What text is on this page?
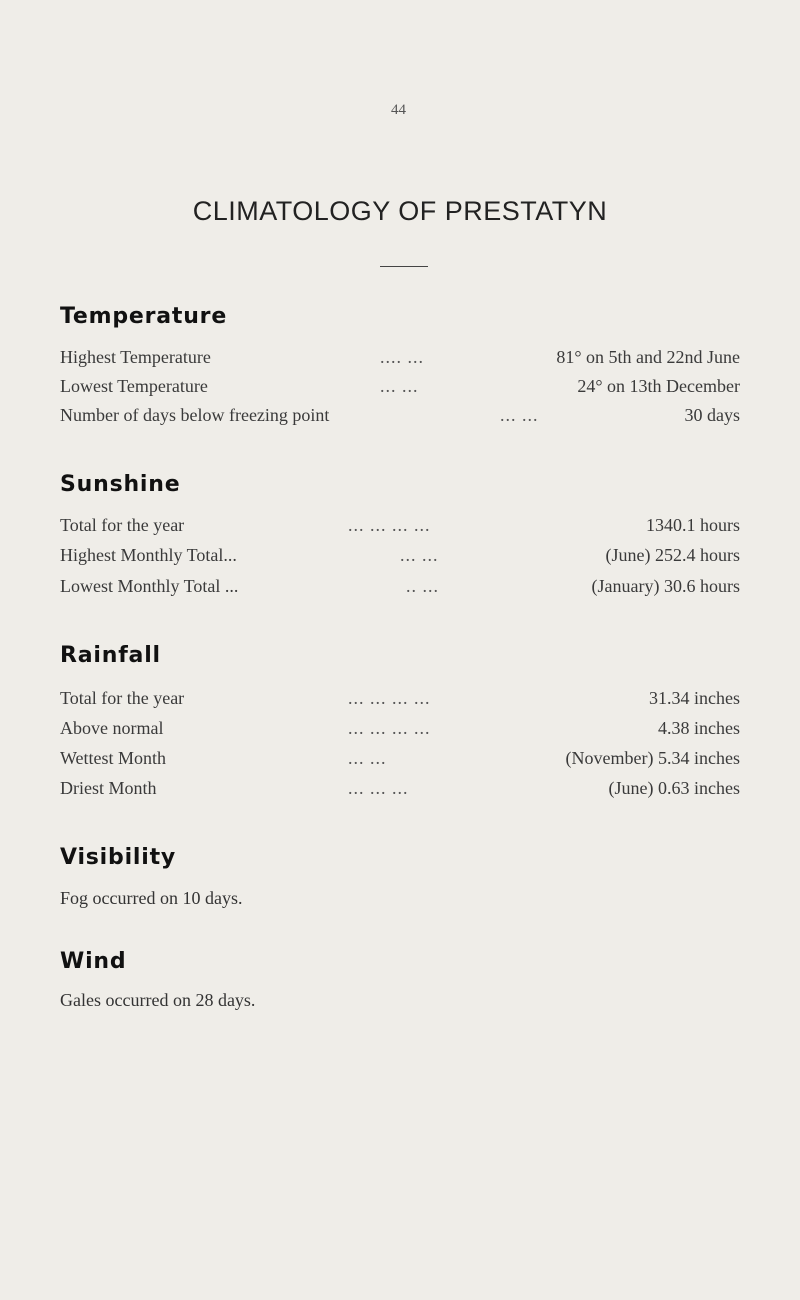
44
CLIMATOLOGY OF PRESTATYN
Temperature
Highest Temperature	.... ...	81° on 5th and 22nd June
Lowest Temperature	... ...	24° on 13th December
Number of days below freezing point	... ...	30 days
Sunshine
Total for the year	... ... ... ...	1340.1 hours
Highest Monthly Total...	... ...	(June) 252.4 hours
Lowest Monthly Total ...	.. ...	(January) 30.6 hours
Rainfall
Total for the year	... ... ... ...	31.34 inches
Above normal	... ... ... ...	4.38 inches
Wettest Month	... ...	(November) 5.34 inches
Driest Month	... ... ...	(June) 0.63 inches
Visibility
Fog occurred on 10 days.
Wind
Gales occurred on 28 days.
